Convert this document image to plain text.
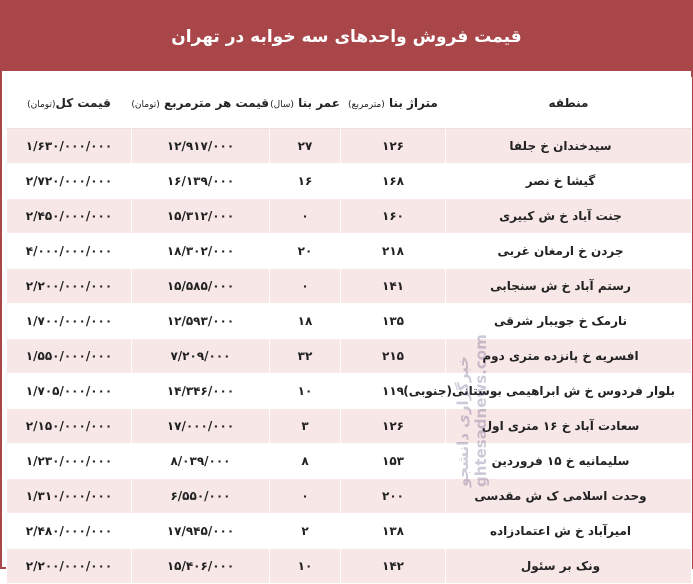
قیمت فروش واحدهای سه خوابه در تهران
قیمت کل(تومان)	قیمت هر مترمربع (تومان)	عمر بنا (سال)	متراژ بنا (مترمربع)	منطقه
۱/۶۳۰/۰۰۰/۰۰۰	۱۲/۹۱۷/۰۰۰	۲۷	۱۲۶	سیدخندان خ جلفا
۲/۷۲۰/۰۰۰/۰۰۰	۱۶/۱۳۹/۰۰۰	۱۶	۱۶۸	گیشا خ نصر
۲/۴۵۰/۰۰۰/۰۰۰	۱۵/۳۱۲/۰۰۰	۰	۱۶۰	جنت آباد خ ش کبیری
۴/۰۰۰/۰۰۰/۰۰۰	۱۸/۳۰۲/۰۰۰	۲۰	۲۱۸	جردن خ ارمغان غربی
۲/۲۰۰/۰۰۰/۰۰۰	۱۵/۵۸۵/۰۰۰	۰	۱۴۱	رستم آباد خ ش سنجابی
۱/۷۰۰/۰۰۰/۰۰۰	۱۲/۵۹۳/۰۰۰	۱۸	۱۳۵	نارمک خ جویبار شرقی
۱/۵۵۰/۰۰۰/۰۰۰	۷/۲۰۹/۰۰۰	۳۲	۲۱۵	افسریه خ پانزده متری دوم
۱/۷۰۵/۰۰۰/۰۰۰	۱۴/۳۴۶/۰۰۰	۱۰	۱۱۹	بلوار فردوس خ ش ابراهیمی بوستانی(جنوبی)
۲/۱۵۰/۰۰۰/۰۰۰	۱۷/۰۰۰/۰۰۰	۳	۱۲۶	سعادت آباد خ ۱۶ متری اول
۱/۲۳۰/۰۰۰/۰۰۰	۸/۰۳۹/۰۰۰	۸	۱۵۳	سلیمانیه خ ۱۵ فروردین
۱/۳۱۰/۰۰۰/۰۰۰	۶/۵۵۰/۰۰۰	۰	۲۰۰	وحدت اسلامی ک ش مقدسی
۲/۴۸۰/۰۰۰/۰۰۰	۱۷/۹۴۵/۰۰۰	۲	۱۳۸	امیرآباد خ ش اعتمادزاده
۲/۲۰۰/۰۰۰/۰۰۰	۱۵/۴۰۶/۰۰۰	۱۰	۱۴۲	ونک بر سئول
خبرگزاری دانشجو ghtesadnews.com
